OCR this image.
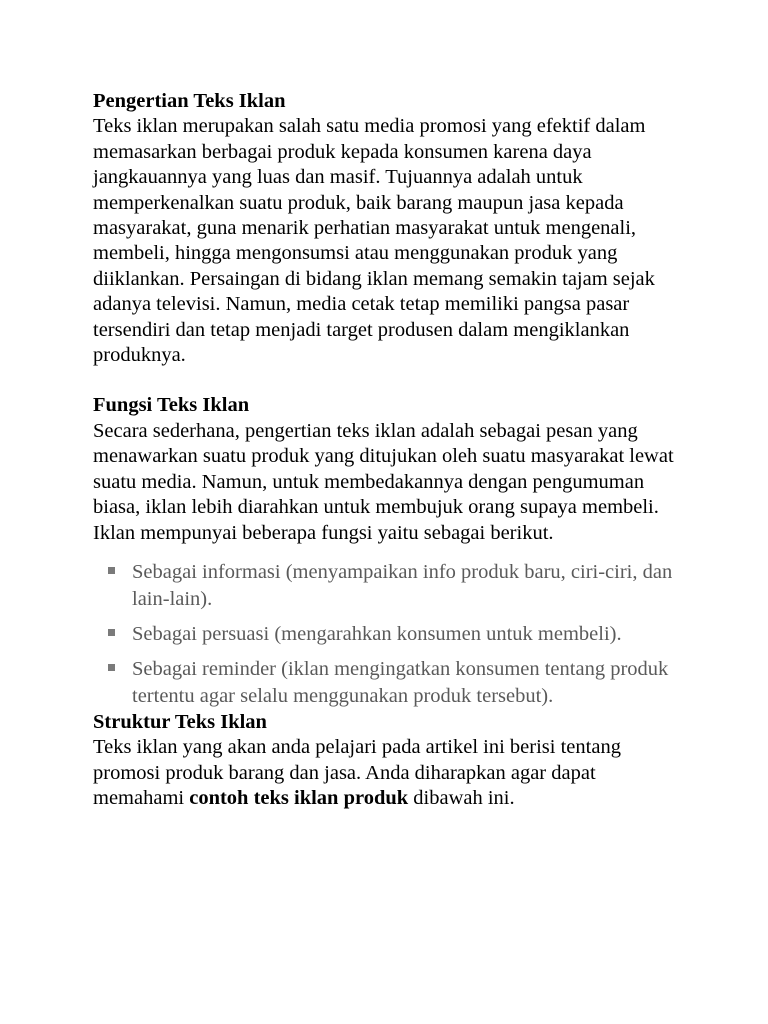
Pengertian Teks Iklan

Teks iklan merupakan salah satu media promosi yang efektif dalam memasarkan berbagai produk kepada konsumen karena daya jangkauannya yang luas dan masif. Tujuannya adalah untuk memperkenalkan suatu produk, baik barang maupun jasa kepada masyarakat, guna menarik perhatian masyarakat untuk mengenali, membeli, hingga mengonsumsi atau menggunakan produk yang diiklankan. Persaingan di bidang iklan memang semakin tajam sejak adanya televisi. Namun, media cetak tetap memiliki pangsa pasar tersendiri dan tetap menjadi target produsen dalam mengiklankan produknya.

Fungsi Teks Iklan

Secara sederhana, pengertian teks iklan adalah sebagai pesan yang menawarkan suatu produk yang ditujukan oleh suatu masyarakat lewat suatu media. Namun, untuk membedakannya dengan pengumuman biasa, iklan lebih diarahkan untuk membujuk orang supaya membeli. Iklan mempunyai beberapa fungsi yaitu sebagai berikut.

Sebagai informasi (menyampaikan info produk baru, ciri-ciri, dan lain-lain).
Sebagai persuasi (mengarahkan konsumen untuk membeli).
Sebagai reminder (iklan mengingatkan konsumen tentang produk tertentu agar selalu menggunakan produk tersebut).
Struktur Teks Iklan

Teks iklan yang akan anda pelajari pada artikel ini berisi tentang promosi produk barang dan jasa. Anda diharapkan agar dapat memahami contoh teks iklan produk dibawah ini.
